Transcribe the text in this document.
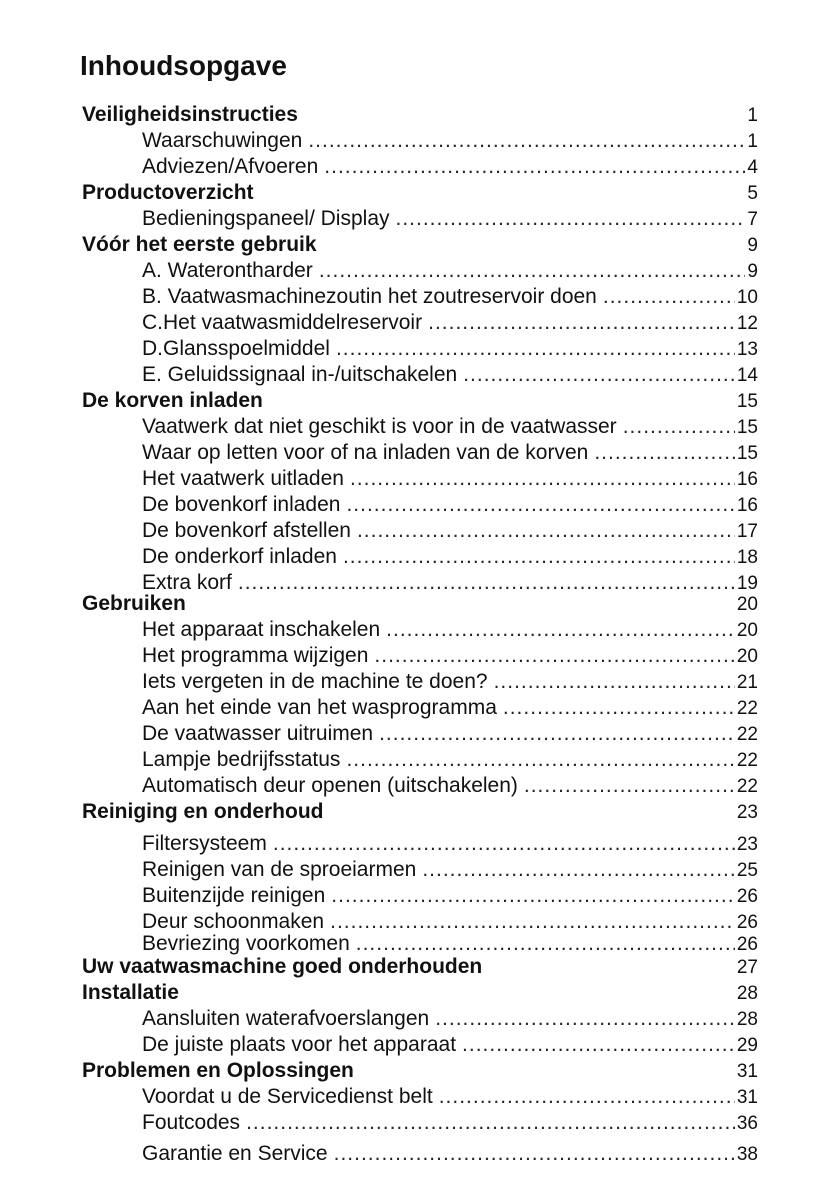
Inhoudsopgave
Veiligheidsinstructies	1
Waarschuwingen .....	1
Adviezen/Afvoeren .....	4
Productoverzicht	5
Bedieningspaneel/ Display .....	7
Vóór het eerste gebruik	9
A. Waterontharder .....	9
B. Vaatwasmachinezoutin het zoutreservoir doen .....	10
C.Het vaatwasmiddelreservoir .....	12
D.Glansspoelmiddel .....	13
E. Geluidssignaal in-/uitschakelen .....	14
De korven inladen	15
Vaatwerk dat niet geschikt is voor in de vaatwasser .....	15
Waar op letten voor of na inladen van de korven .....	15
Het vaatwerk uitladen .....	16
De bovenkorf inladen .....	16
De bovenkorf afstellen .....	17
De onderkorf inladen .....	18
Extra korf .....	19
Gebruiken	20
Het apparaat inschakelen .....	20
Het programma wijzigen .....	20
Iets vergeten in de machine te doen? .....	21
Aan het einde van het wasprogramma .....	22
De vaatwasser uitruimen .....	22
Lampje bedrijfsstatus .....	22
Automatisch deur openen (uitschakelen) .....	22
Reiniging en onderhoud	23
Filtersysteem .....	23
Reinigen van de sproeiarmen .....	25
Buitenzijde reinigen .....	26
Deur schoonmaken .....	26
Bevriezing voorkomen .....	26
Uw vaatwasmachine goed onderhouden	27
Installatie	28
Aansluiten waterafvoerslangen .....	28
De juiste plaats voor het apparaat .....	29
Problemen en Oplossingen	31
Voordat u de Servicedienst belt .....	31
Foutcodes .....	36
Garantie en Service .....	38
